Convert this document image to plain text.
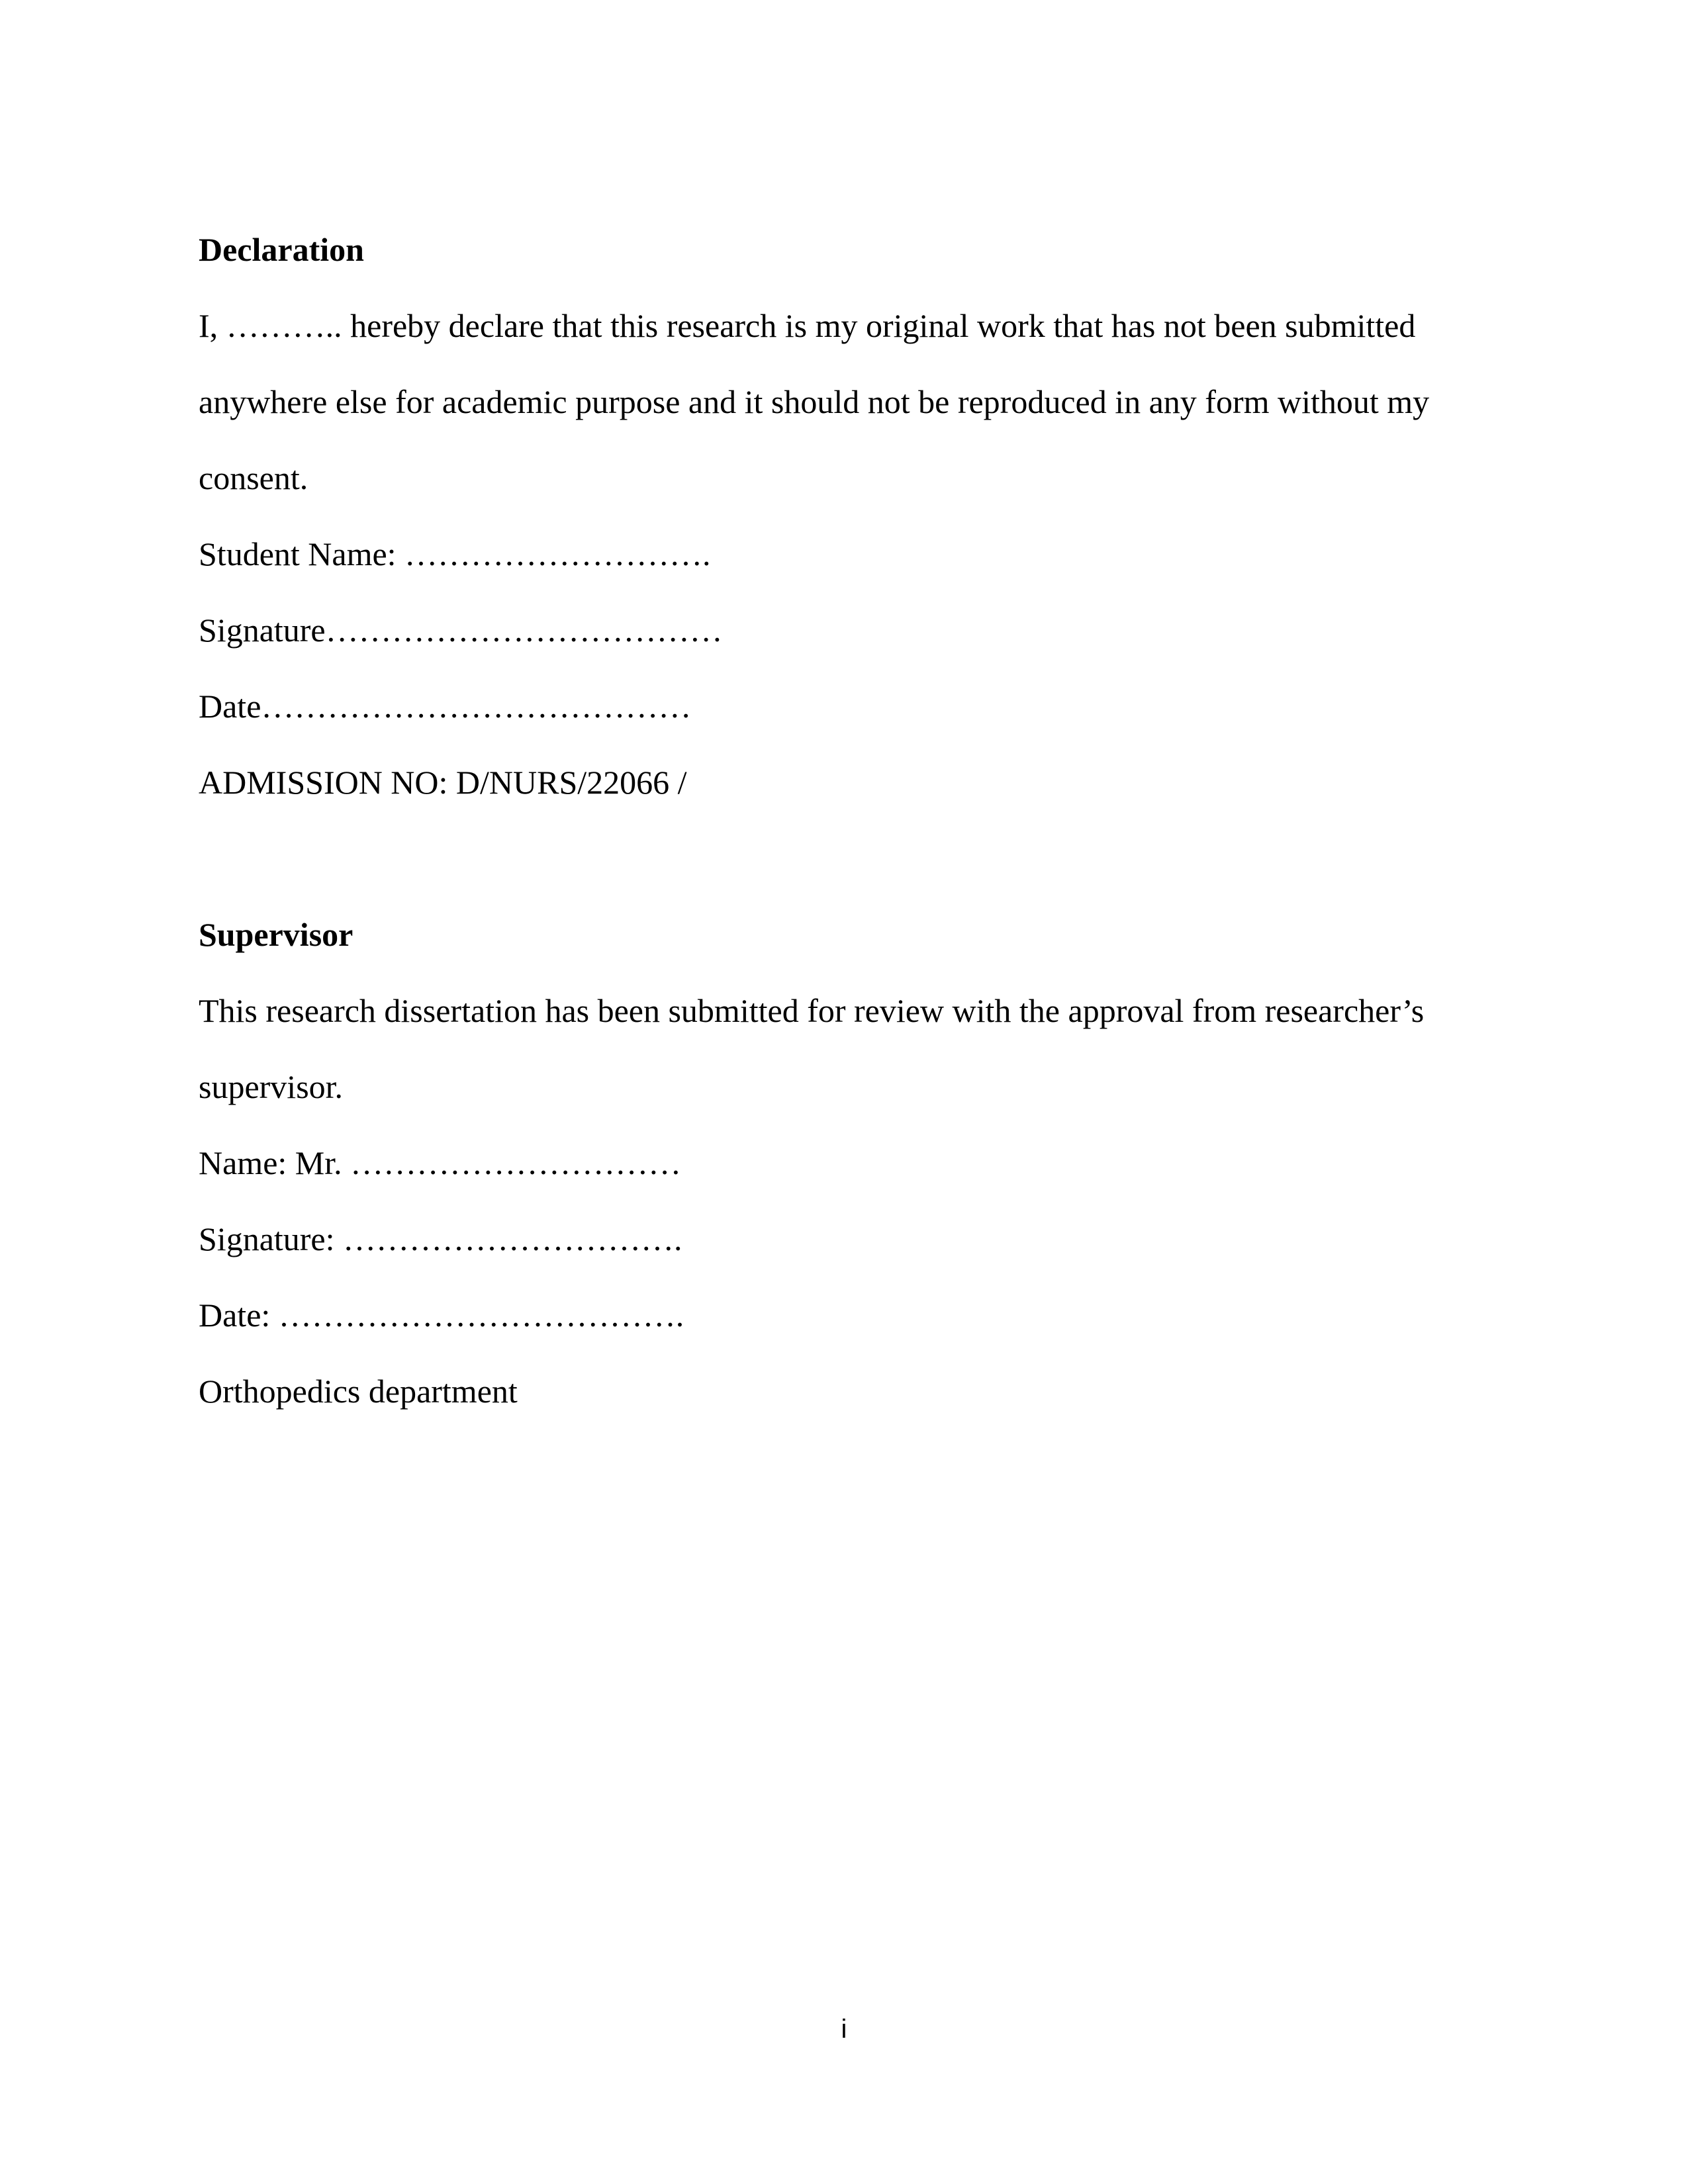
Declaration
I, ……….. hereby declare that this research is my original work that has not been submitted
anywhere else for academic purpose and it should not be reproduced in any form without my
consent.
Student Name: ……………………….
Signature………………………………
Date…………………………………
ADMISSION NO: D/NURS/22066 /
Supervisor
This research dissertation has been submitted for review with the approval from researcher’s
supervisor.
Name: Mr. …………………………
Signature: ………………………….
Date: ……………………………….
Orthopedics department
i
